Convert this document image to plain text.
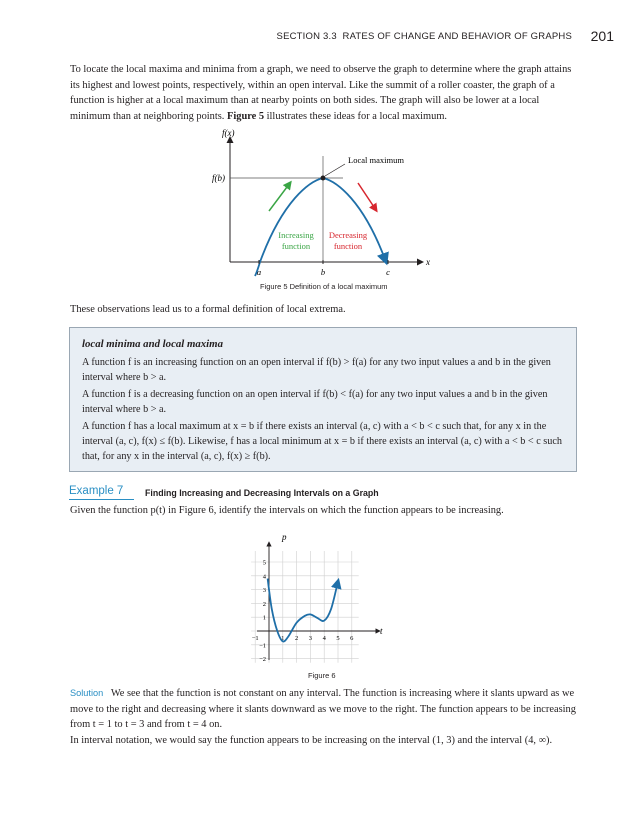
SECTION 3.3 RATES OF CHANGE AND BEHAVIOR OF GRAPHS 201
To locate the local maxima and minima from a graph, we need to observe the graph to determine where the graph attains its highest and lowest points, respectively, within an open interval. Like the summit of a roller coaster, the graph of a function is higher at a local maximum than at nearby points on both sides. The graph will also be lower at a local minimum than at neighboring points. Figure 5 illustrates these ideas for a local maximum.
f(x)
x
f(b)
Local maximum
Increasing
function
Decreasing
function
a	b	c
Figure 5 Definition of a local maximum
These observations lead us to a formal definition of local extrema.
local minima and local maxima
A function f is an increasing function on an open interval if f(b) > f(a) for any two input values a and b in the given interval where b > a.
A function f is a decreasing function on an open interval if f(b) < f(a) for any two input values a and b in the given interval where b > a.
A function f has a local maximum at x = b if there exists an interval (a, c) with a < b < c such that, for any x in the interval (a, c), f(x) ≤ f(b). Likewise, f has a local minimum at x = b if there exists an interval (a, c) with a < b < c such that, for any x in the interval (a, c), f(x) ≥ f(b).
Example 7 Finding Increasing and Decreasing Intervals on a Graph
Given the function p(t) in Figure 6, identify the intervals on which the function appears to be increasing.
p
t
−1	1 2 3 4 5 6
5
4
3
2
1
−1
−2
Figure 6
Solution We see that the function is not constant on any interval. The function is increasing where it slants upward as we move to the right and decreasing where it slants downward as we move to the right. The function appears to be increasing from t = 1 to t = 3 and from t = 4 on.
In interval notation, we would say the function appears to be increasing on the interval (1, 3) and the interval (4, ∞).
